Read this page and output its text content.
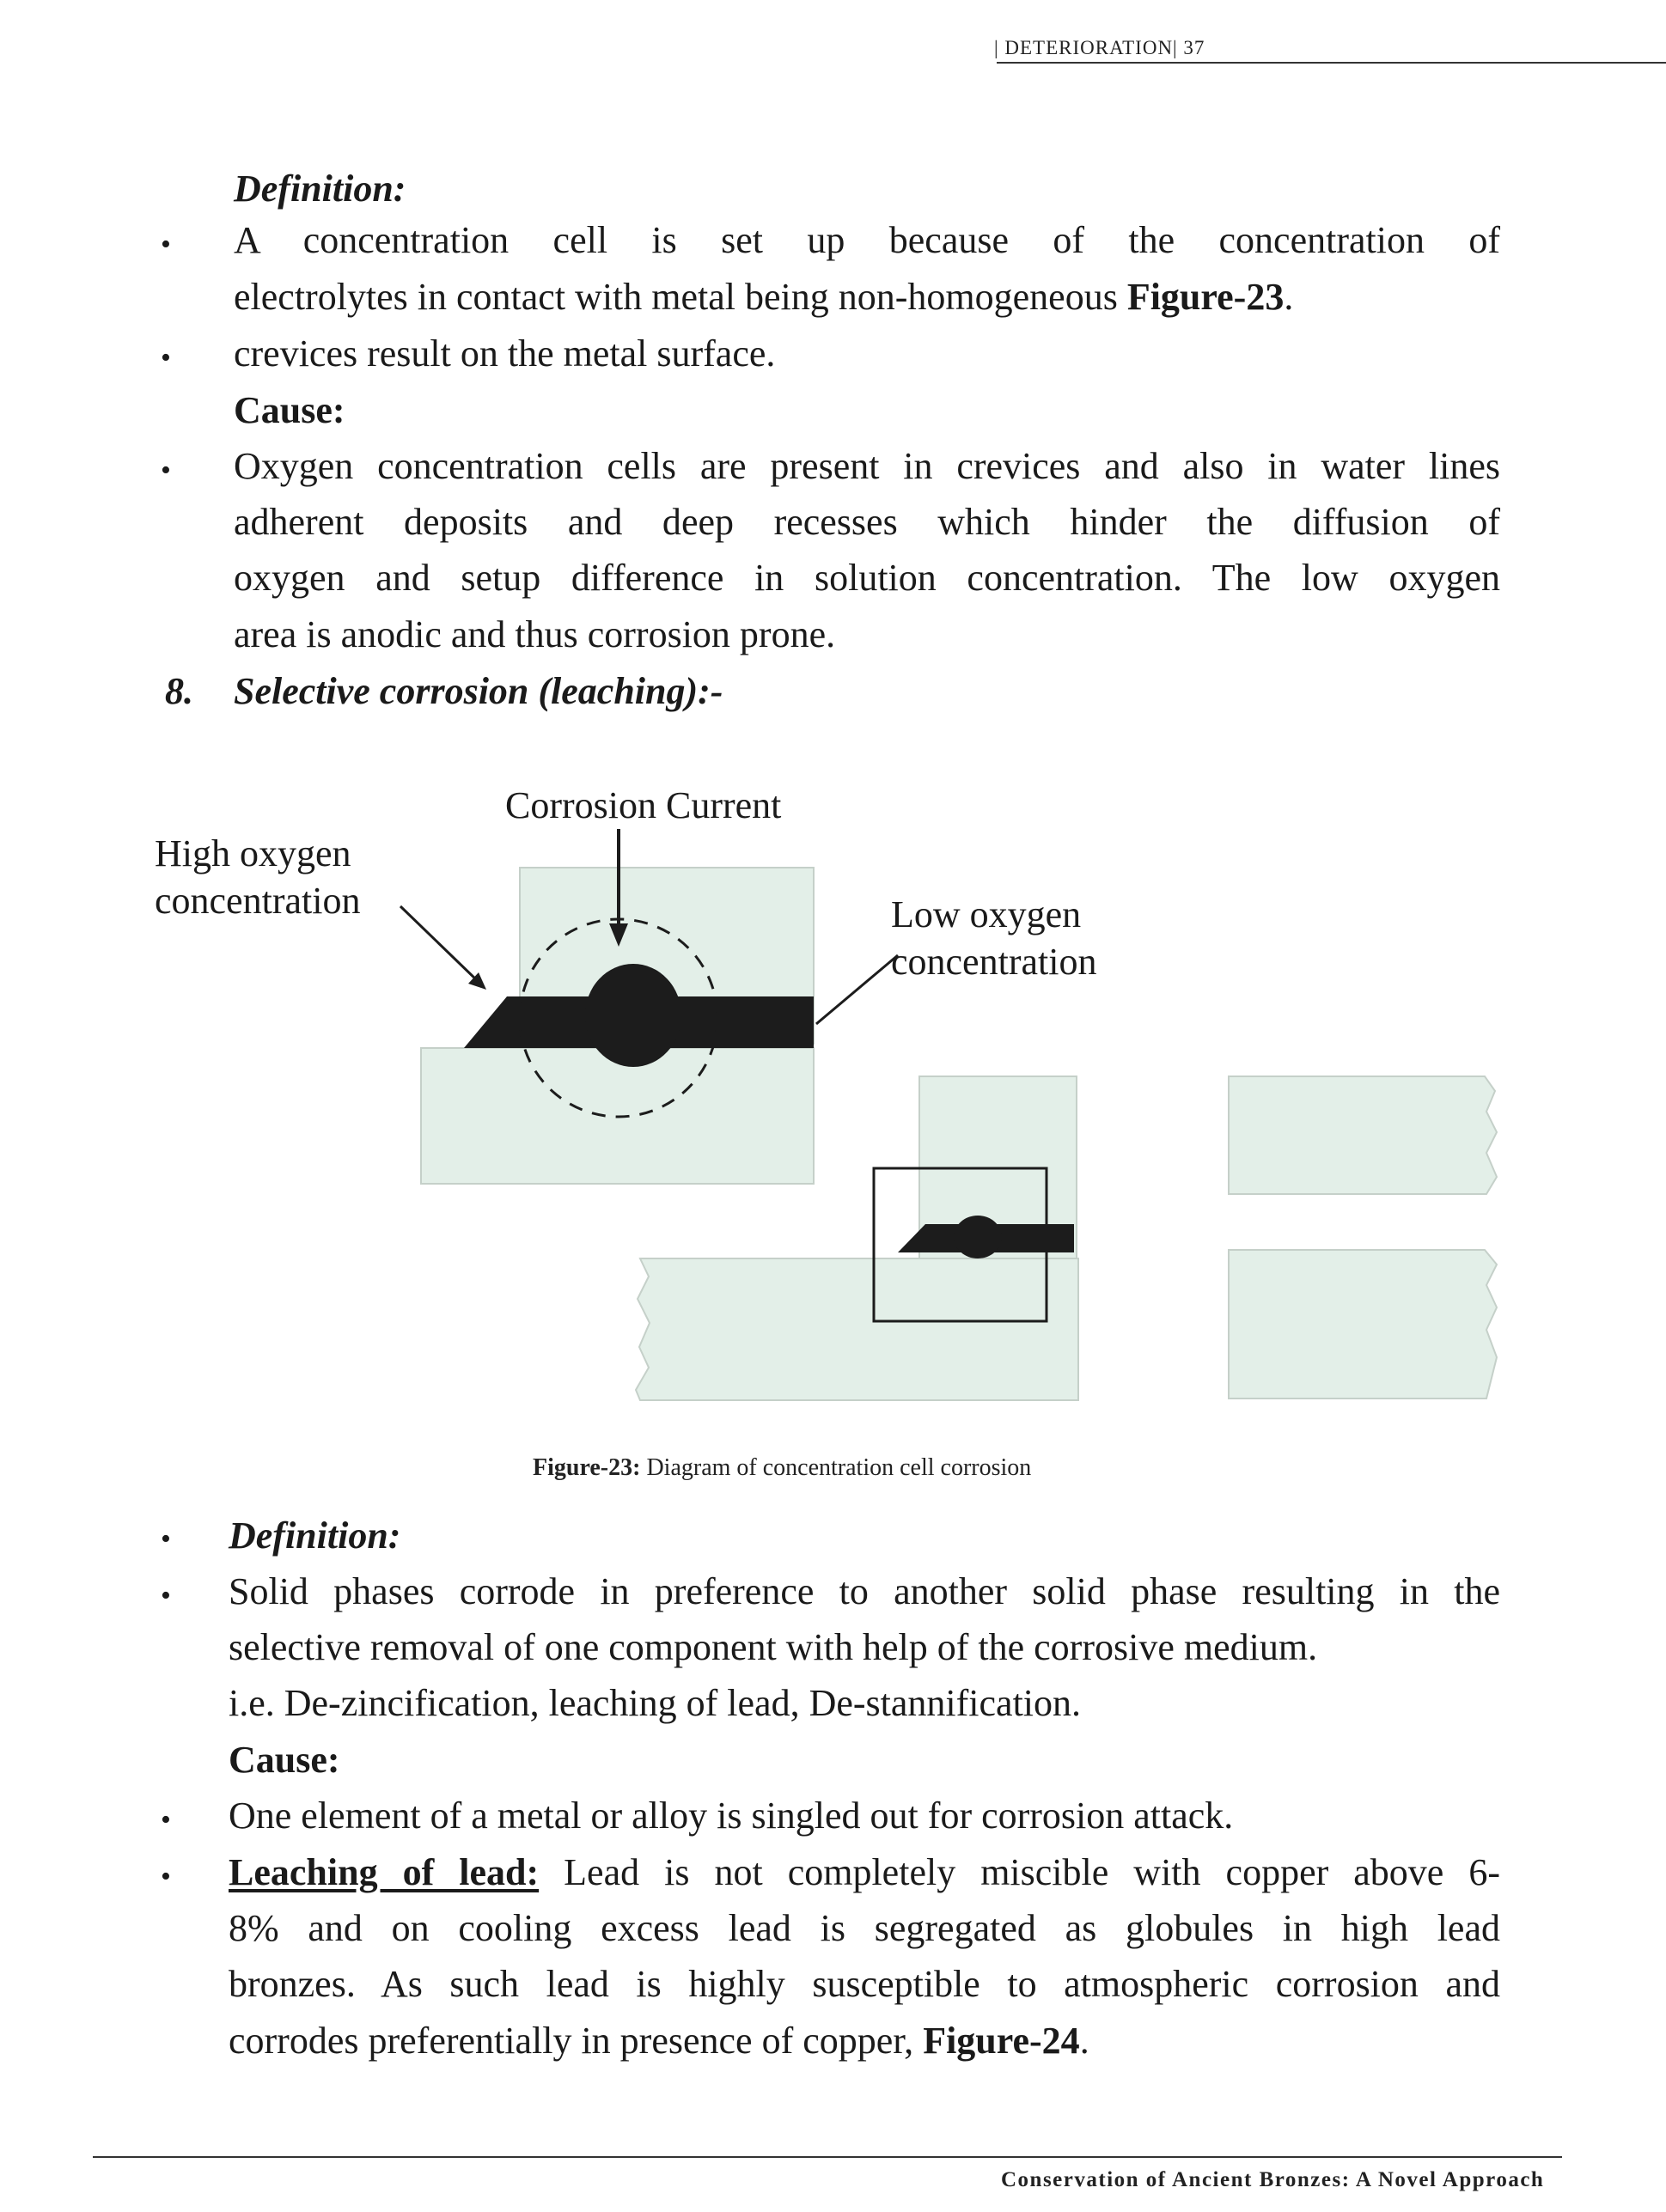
| DETERIORATION| 37
Definition:
• A concentration cell is set up because of the concentration of
electrolytes in contact with metal being non-homogeneous Figure-23.
• crevices result on the metal surface.
Cause:
• Oxygen concentration cells are present in crevices and also in water lines
adherent deposits and deep recesses which hinder the diffusion of
oxygen and setup difference in solution concentration. The low oxygen
area is anodic and thus corrosion prone.
8. Selective corrosion (leaching):-
Corrosion Current
High oxygen
concentration	Low oxygen
concentration
Figure-23: Diagram of concentration cell corrosion
• Definition:
• Solid phases corrode in preference to another solid phase resulting in the
selective removal of one component with help of the corrosive medium.
i.e. De-zincification, leaching of lead, De-stannification.
Cause:
• One element of a metal or alloy is singled out for corrosion attack.
• Leaching of lead: Lead is not completely miscible with copper above 6-
8% and on cooling excess lead is segregated as globules in high lead
bronzes. As such lead is highly susceptible to atmospheric corrosion and
corrodes preferentially in presence of copper, Figure-24.
Conservation of Ancient Bronzes: A Novel Approach
